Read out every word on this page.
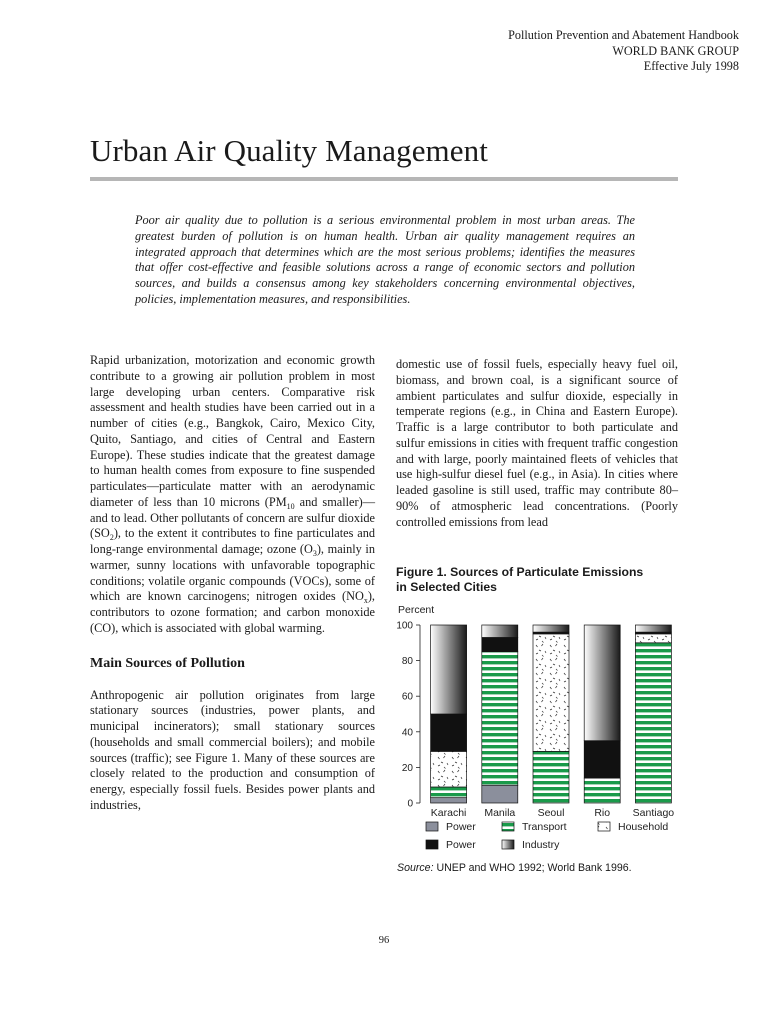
Pollution Prevention and Abatement Handbook
WORLD BANK GROUP
Effective July 1998
Urban Air Quality Management

Poor air quality due to pollution is a serious environmental problem in most urban areas. The greatest burden of pollution is on human health. Urban air quality management requires an integrated approach that determines which are the most serious problems; identifies the measures that offer cost-effective and feasible solutions across a range of economic sectors and pollution sources, and builds a consensus among key stakeholders concerning environmental objectives, policies, implementation measures, and responsibilities.

Rapid urbanization, motorization and economic growth contribute to a growing air pollution problem in most large developing urban centers. Comparative risk assessment and health studies have been carried out in a number of cities (e.g., Bangkok, Cairo, Mexico City, Quito, Santiago, and cities of Central and Eastern Europe). These studies indicate that the greatest damage to human health comes from exposure to fine suspended particulates—particulate matter with an aerodynamic diameter of less than 10 microns ($PM_{10}$ and smaller)—and to lead. Other pollutants of concern are sulfur dioxide $(SO_2)$, to the extent it contributes to fine particulates and long-range environmental damage; ozone $(O_3)$, mainly in warmer, sunny locations with unfavorable topographic conditions; volatile organic compounds (VOCs), some of which are known carcinogens; nitrogen oxides $(NO_x)$, contributors to ozone formation; and carbon monoxide (CO), which is associated with global warming.

Main Sources of Pollution

Anthropogenic air pollution originates from large stationary sources (industries, power plants, and municipal incinerators); small stationary sources (households and small commercial boilers); and mobile sources (traffic); see Figure 1. Many of these sources are closely related to the production and consumption of energy, especially fossil fuels. Besides power plants and industries,

domestic use of fossil fuels, especially heavy fuel oil, biomass, and brown coal, is a significant source of ambient particulates and sulfur dioxide, especially in temperate regions (e.g., in China and Eastern Europe). Traffic is a large contributor to both particulate and sulfur emissions in cities with frequent traffic congestion and with large, poorly maintained fleets of vehicles that use high-sulfur diesel fuel (e.g., in Asia). In cities where leaded gasoline is still used, traffic may contribute 80–90% of atmospheric lead concentrations. (Poorly controlled emissions from lead

Figure 1. Sources of Particulate Emissions
in Selected Cities
Percent
0
20
40
60
80
100
Karachi Manila Seoul	Rio Santiago
Power	Transport	Household
Power	Industry
Source: UNEP and WHO 1992; World Bank 1996.
96
